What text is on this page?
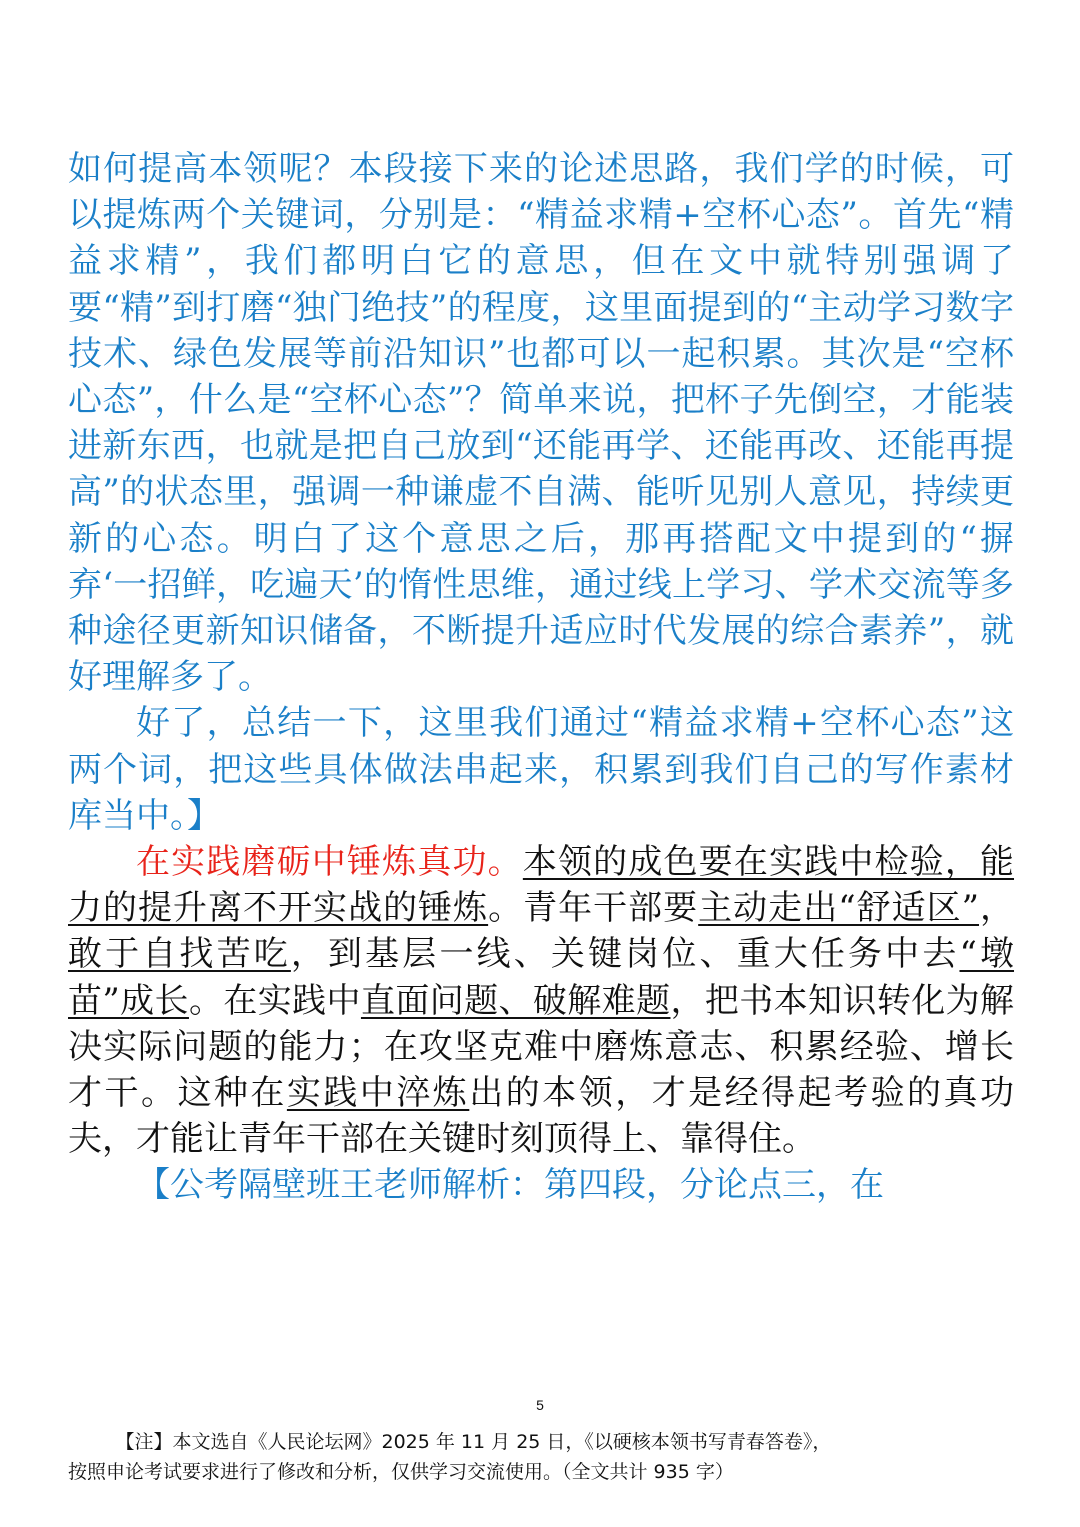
如何提高本领呢？本段接下来的论述思路，我们学的时候，可以提炼两个关键词，分别是：“精益求精+空杯心态”。首先“精益求精”，我们都明白它的意思，但在文中就特别强调了要“精”到打磨“独门绝技”的程度，这里面提到的“主动学习数字技术、绿色发展等前沿知识”也都可以一起积累。其次是“空杯心态”，什么是“空杯心态”？简单来说，把杯子先倒空，才能装进新东西，也就是把自己放到“还能再学、还能再改、还能再提高”的状态里，强调一种谦虚不自满、能听见别人意见，持续更新的心态。明白了这个意思之后，那再搭配文中提到的“摒弃‘一招鲜，吃遍天’的惰性思维，通过线上学习、学术交流等多种途径更新知识储备，不断提升适应时代发展的综合素养”，就好理解多了。

好了，总结一下，这里我们通过“精益求精+空杯心态”这两个词，把这些具体做法串起来，积累到我们自己的写作素材库当中。】

在实践磨砺中锤炼真功。本领的成色要在实践中检验，能力的提升离不开实战的锤炼。青年干部要主动走出“舒适区”，敢于自找苦吃，到基层一线、关键岗位、重大任务中去“墩苗”成长。在实践中直面问题、破解难题，把书本知识转化为解决实际问题的能力；在攻坚克难中磨炼意志、积累经验、增长才干。这种在实践中淬炼出的本领，才是经得起考验的真功夫，才能让青年干部在关键时刻顶得上、靠得住。

【公考隔壁班王老师解析：第四段，分论点三，在

5
【注】本文选自《人民论坛网》2025 年 11 月 25 日，《以硬核本领书写青春答卷》，
按照申论考试要求进行了修改和分析，仅供学习交流使用。（全文共计 935 字）
